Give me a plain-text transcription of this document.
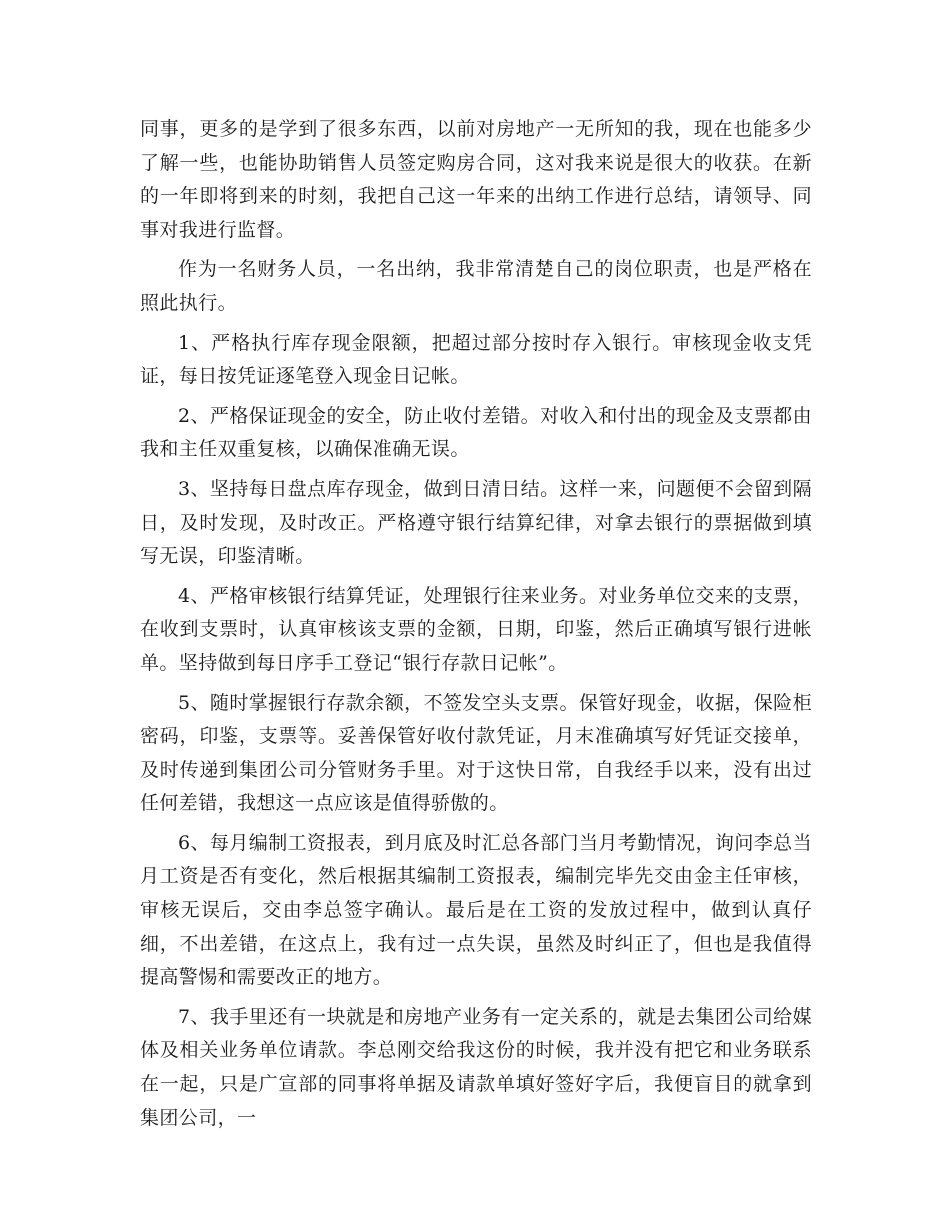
同事，更多的是学到了很多东西，以前对房地产一无所知的我，现在也能多少了解一些，也能协助销售人员签定购房合同，这对我来说是很大的收获。在新的一年即将到来的时刻，我把自己这一年来的出纳工作进行总结，请领导、同事对我进行监督。

作为一名财务人员，一名出纳，我非常清楚自己的岗位职责，也是严格在照此执行。

1、严格执行库存现金限额，把超过部分按时存入银行。审核现金收支凭证，每日按凭证逐笔登入现金日记帐。

2、严格保证现金的安全，防止收付差错。对收入和付出的现金及支票都由我和主任双重复核，以确保准确无误。

3、坚持每日盘点库存现金，做到日清日结。这样一来，问题便不会留到隔日，及时发现，及时改正。严格遵守银行结算纪律，对拿去银行的票据做到填写无误，印鉴清晰。

4、严格审核银行结算凭证，处理银行往来业务。对业务单位交来的支票，在收到支票时，认真审核该支票的金额，日期，印鉴，然后正确填写银行进帐单。坚持做到每日序手工登记“银行存款日记帐”。

5、随时掌握银行存款余额，不签发空头支票。保管好现金，收据，保险柜密码，印鉴，支票等。妥善保管好收付款凭证，月末准确填写好凭证交接单，及时传递到集团公司分管财务手里。对于这快日常，自我经手以来，没有出过任何差错，我想这一点应该是值得骄傲的。

6、每月编制工资报表，到月底及时汇总各部门当月考勤情况，询问李总当月工资是否有变化，然后根据其编制工资报表，编制完毕先交由金主任审核，审核无误后，交由李总签字确认。最后是在工资的发放过程中，做到认真仔细，不出差错，在这点上，我有过一点失误，虽然及时纠正了，但也是我值得提高警惕和需要改正的地方。

7、我手里还有一块就是和房地产业务有一定关系的，就是去集团公司给媒体及相关业务单位请款。李总刚交给我这份的时候，我并没有把它和业务联系在一起，只是广宣部的同事将单据及请款单填好签好字后，我便盲目的就拿到集团公司，一
